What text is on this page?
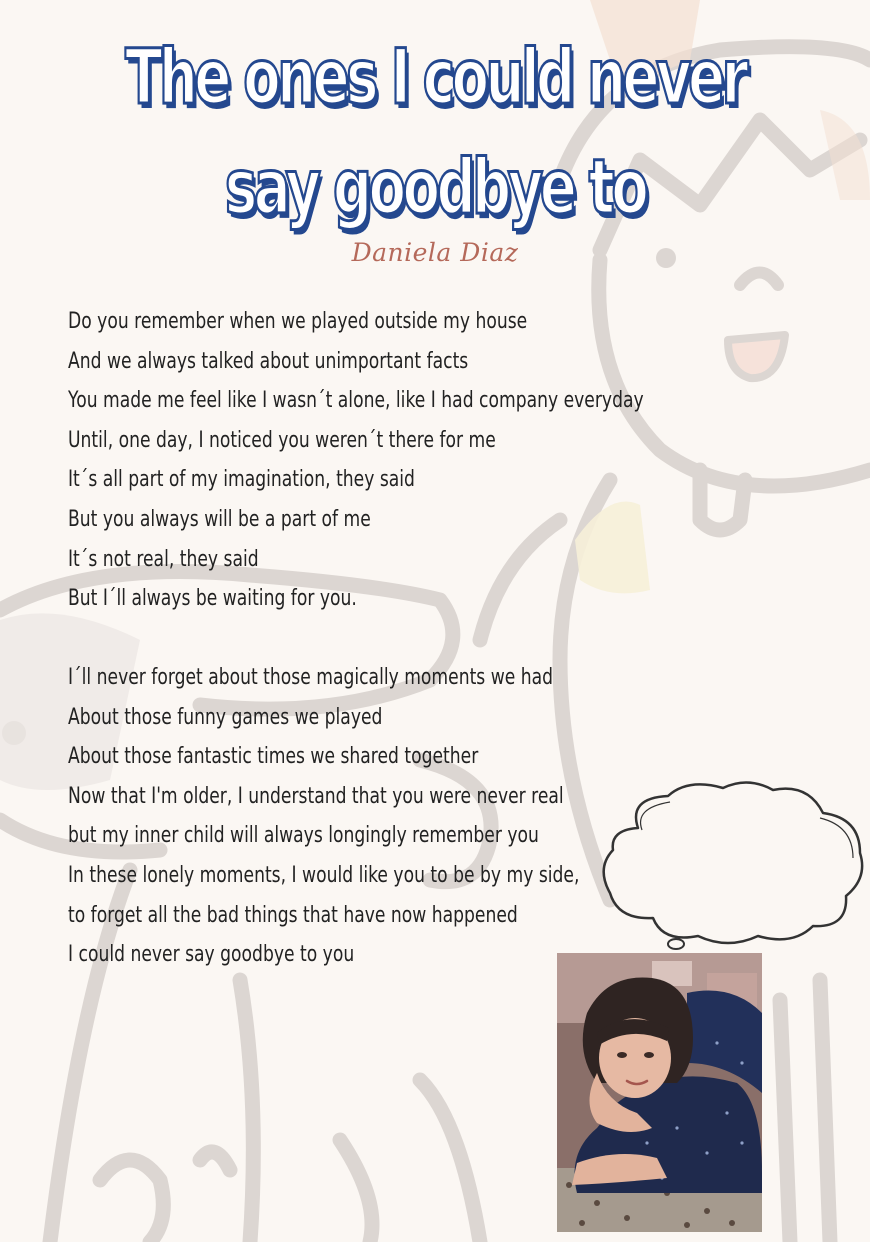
The ones I could never
say goodbye to
Daniela Diaz
Do you remember when we played outside my house
And we always talked about unimportant facts
You made me feel like I wasn´t alone, like I had company everyday
Until, one day, I noticed you weren´t there for me
It´s all part of my imagination, they said
But you always will be a part of me
It´s not real, they said
But I´ll always be waiting for you.
I´ll never forget about those magically moments we had
About those funny games we played
About those fantastic times we shared together
Now that I'm older, I understand that you were never real
but my inner child will always longingly remember you
In these lonely moments, I would like you to be by my side,
to forget all the bad things that have now happened
I could never say goodbye to you
